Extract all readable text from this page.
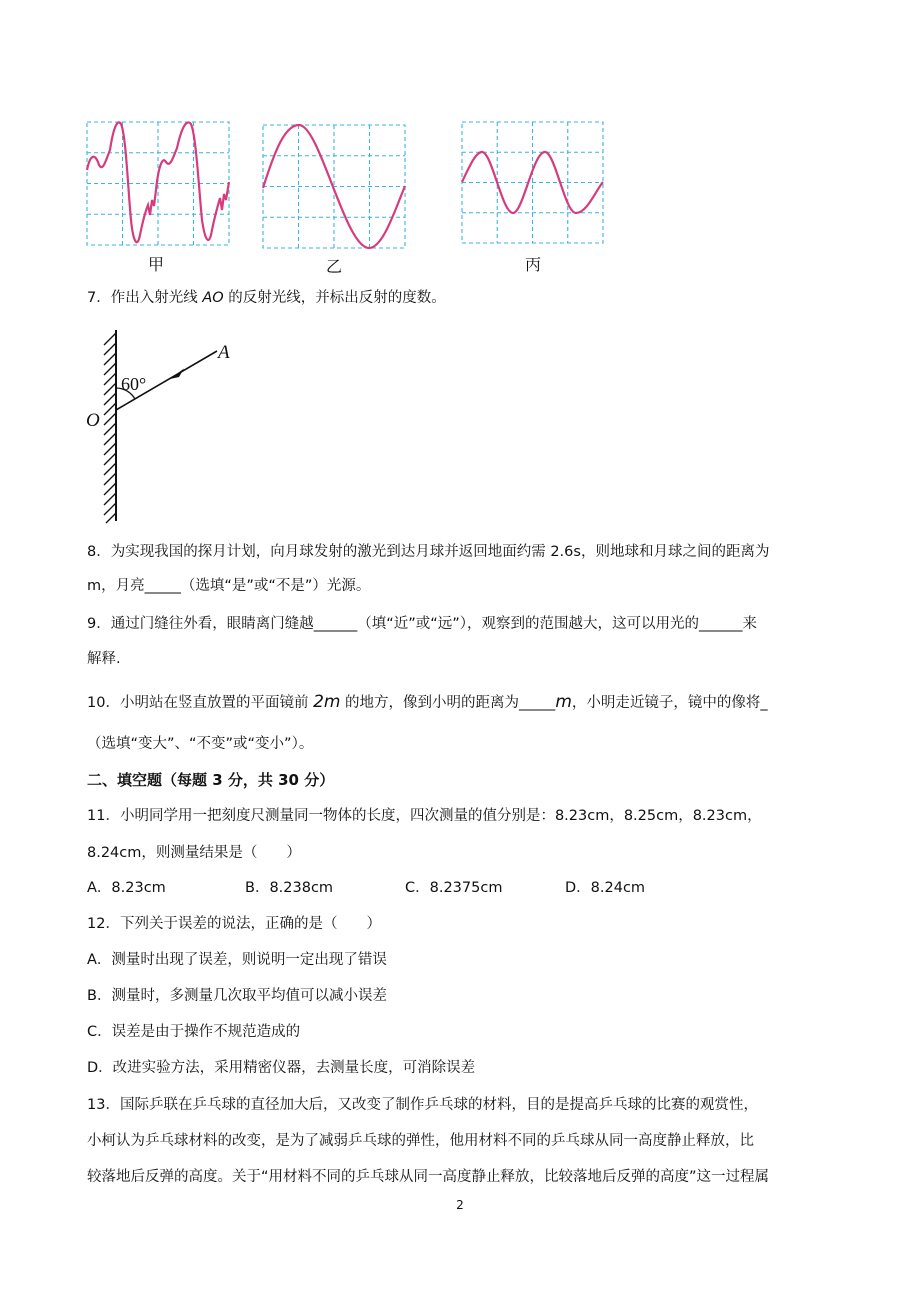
甲	乙	丙
7．作出入射光线 AO 的反射光线，并标出反射的度数。
A
60°
O
8．为实现我国的探月计划，向月球发射的激光到达月球并返回地面约需 2.6s，则地球和月球之间的距离为
m，月亮_____（选填“是”或“不是”）光源。
9．通过门缝往外看，眼睛离门缝越______（填“近”或“远”），观察到的范围越大，这可以用光的______来
解释.
10．小明站在竖直放置的平面镜前 2m 的地方，像到小明的距离为_____m，小明走近镜子，镜中的像将_
（选填“变大”、“不变”或“变小”）。
二、填空题（每题 3 分，共 30 分）
11．小明同学用一把刻度尺测量同一物体的长度，四次测量的值分别是：8.23cm，8.25cm，8.23cm，
8.24cm，则测量结果是（　　）
A．8.23cm	B．8.238cm	C．8.2375cm	D．8.24cm
12．下列关于误差的说法，正确的是（　　）
A．测量时出现了误差，则说明一定出现了错误
B．测量时，多测量几次取平均值可以减小误差
C．误差是由于操作不规范造成的
D．改进实验方法，采用精密仪器，去测量长度，可消除误差
13．国际乒联在乒乓球的直径加大后，又改变了制作乒乓球的材料，目的是提高乒乓球的比赛的观赏性，
小柯认为乒乓球材料的改变，是为了减弱乒乓球的弹性，他用材料不同的乒乓球从同一高度静止释放，比
较落地后反弹的高度。关于“用材料不同的乒乓球从同一高度静止释放，比较落地后反弹的高度”这一过程属
2
